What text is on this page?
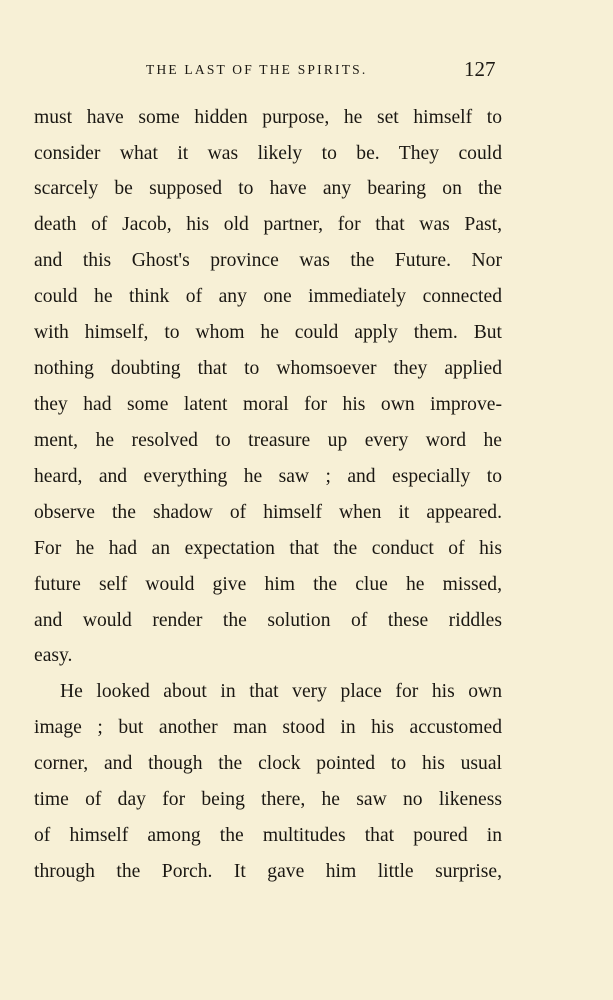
THE LAST OF THE SPIRITS.	127
must have some hidden purpose, he set himself to
consider what it was likely to be. They could
scarcely be supposed to have any bearing on the
death of Jacob, his old partner, for that was Past,
and this Ghost's province was the Future. Nor
could he think of any one immediately connected
with himself, to whom he could apply them. But
nothing doubting that to whomsoever they applied
they had some latent moral for his own improve-
ment, he resolved to treasure up every word he
heard, and everything he saw ; and especially to
observe the shadow of himself when it appeared.
For he had an expectation that the conduct of his
future self would give him the clue he missed,
and would render the solution of these riddles
easy.
He looked about in that very place for his own
image ; but another man stood in his accustomed
corner, and though the clock pointed to his usual
time of day for being there, he saw no likeness
of himself among the multitudes that poured in
through the Porch. It gave him little surprise,
